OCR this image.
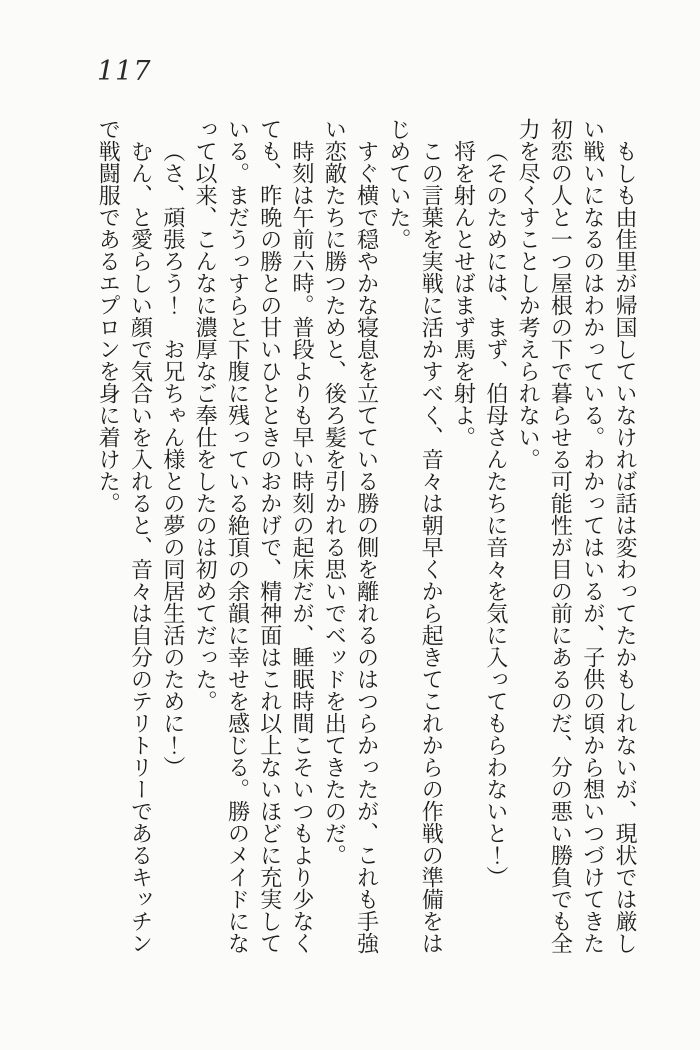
117

もしも由佳里が帰国していなければ話は変わってたかもしれないが、現状では厳しい戦いになるのはわかっている。わかってはいるが、子供の頃から想いつづけてきた初恋の人と一つ屋根の下で暮らせる可能性が目の前にあるのだ、分の悪い勝負でも全力を尽くすことしか考えられない。

（そのためには、まず、伯母さんたちに音々を気に入ってもらわないと！）

将を射んとせばまず馬を射よ。

この言葉を実戦に活かすべく、音々は朝早くから起きてこれからの作戦の準備をはじめていた。

すぐ横で穏やかな寝息を立てている勝の側を離れるのはつらかったが、これも手強い恋敵たちに勝つためと、後ろ髪を引かれる思いでベッドを出てきたのだ。

時刻は午前六時。普段よりも早い時刻の起床だが、睡眠時間こそいつもより少なくても、昨晩の勝との甘いひとときのおかげで、精神面はこれ以上ないほどに充実している。まだうっすらと下腹に残っている絶頂の余韻に幸せを感じる。勝のメイドになって以来、こんなに濃厚なご奉仕をしたのは初めてだった。

（さ、頑張ろう！　お兄ちゃん様との夢の同居生活のために！）

むん、と愛らしい顔で気合いを入れると、音々は自分のテリトリーであるキッチンで戦闘服であるエプロンを身に着けた。
